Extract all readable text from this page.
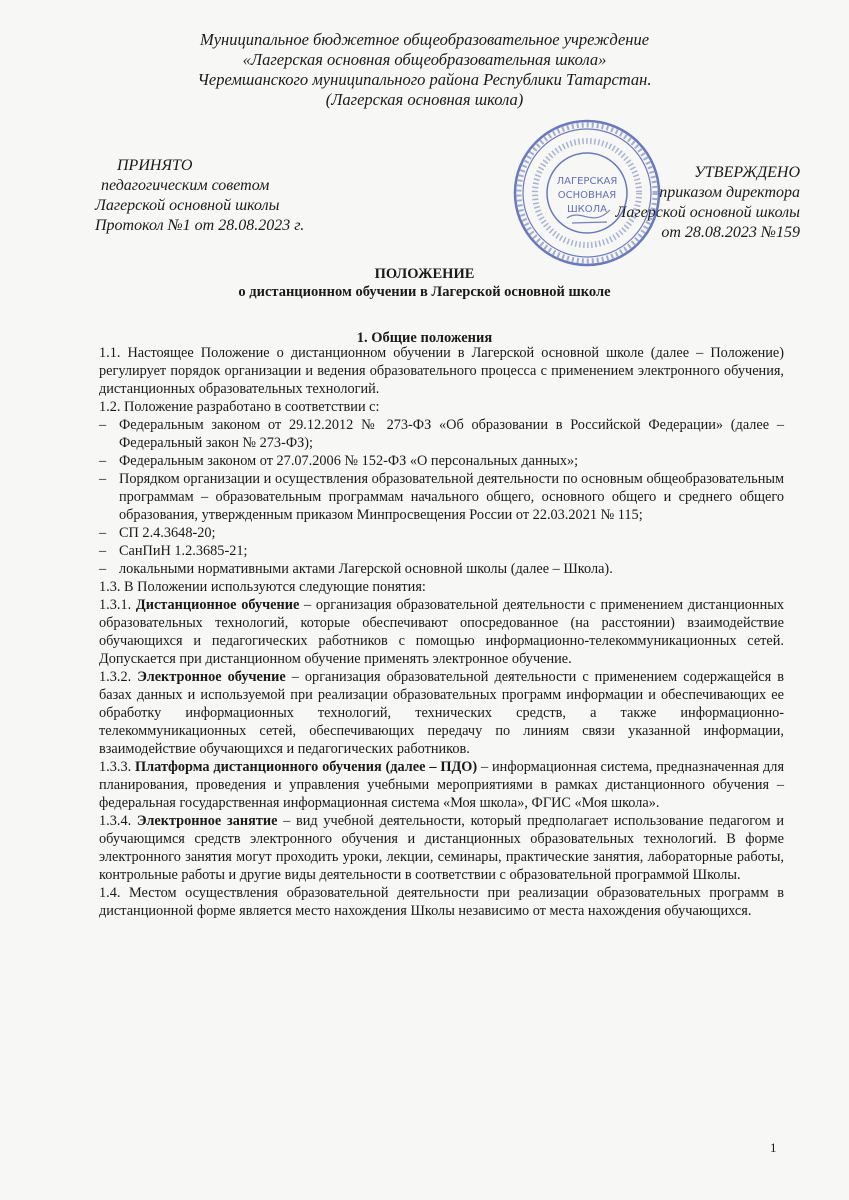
Муниципальное бюджетное общеобразовательное учреждение
«Лагерская основная общеобразовательная школа»
Черемшанского муниципального района Республики Татарстан.
(Лагерская основная школа)
ПРИНЯТО
педагогическим советом
Лагерской основной школы
Протокол №1 от 28.08.2023 г.
УТВЕРЖДЕНО
приказом директора
Лагерской основной школы
от 28.08.2023 №159
ЛАГЕРСКАЯ
ОСНОВНАЯ
ШКОЛА
ПОЛОЖЕНИЕ
о дистанционном обучении в Лагерской основной школе
1. Общие положения

1.1. Настоящее Положение о дистанционном обучении в Лагерской основной школе (далее – Положение) регулирует порядок организации и ведения образовательного процесса с применением электронного обучения, дистанционных образовательных технологий.

1.2. Положение разработано в соответствии с:

– Федеральным законом от 29.12.2012 № 273-ФЗ «Об образовании в Российской Федерации» (далее – Федеральный закон № 273-ФЗ);

– Федеральным законом от 27.07.2006 № 152-ФЗ «О персональных данных»;

– Порядком организации и осуществления образовательной деятельности по основным общеобразовательным программам – образовательным программам начального общего, основного общего и среднего общего образования, утвержденным приказом Минпросвещения России от 22.03.2021 № 115;

– СП 2.4.3648-20;

– СанПиН 1.2.3685-21;

– локальными нормативными актами Лагерской основной школы (далее – Школа).

1.3. В Положении используются следующие понятия:

1.3.1. Дистанционное обучение – организация образовательной деятельности с применением дистанционных образовательных технологий, которые обеспечивают опосредованное (на расстоянии) взаимодействие обучающихся и педагогических работников с помощью информационно-телекоммуникационных сетей. Допускается при дистанционном обучение применять электронное обучение.

1.3.2. Электронное обучение – организация образовательной деятельности с применением содержащейся в базах данных и используемой при реализации образовательных программ информации и обеспечивающих ее обработку информационных технологий, технических средств, а также информационно-телекоммуникационных сетей, обеспечивающих передачу по линиям связи указанной информации, взаимодействие обучающихся и педагогических работников.

1.3.3. Платформа дистанционного обучения (далее – ПДО) – информационная система, предназначенная для планирования, проведения и управления учебными мероприятиями в рамках дистанционного обучения – федеральная государственная информационная система «Моя школа», ФГИС «Моя школа».

1.3.4. Электронное занятие – вид учебной деятельности, который предполагает использование педагогом и обучающимся средств электронного обучения и дистанционных образовательных технологий. В форме электронного занятия могут проходить уроки, лекции, семинары, практические занятия, лабораторные работы, контрольные работы и другие виды деятельности в соответствии с образовательной программой Школы.

1.4. Местом осуществления образовательной деятельности при реализации образовательных программ в дистанционной форме является место нахождения Школы независимо от места нахождения обучающихся.

1
